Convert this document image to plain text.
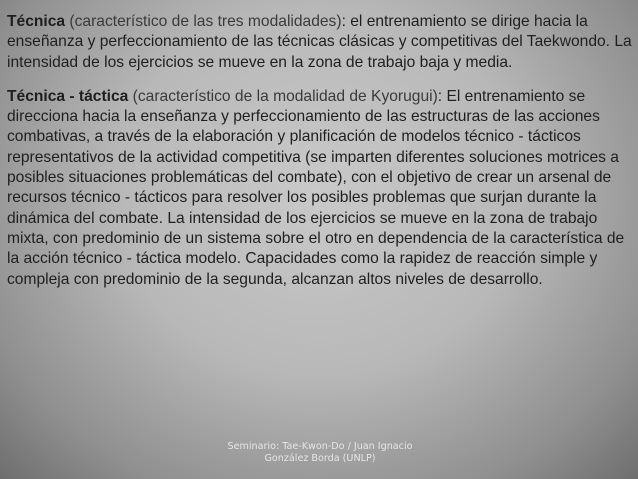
Técnica (característico de las tres modalidades): el entrenamiento se dirige hacia la enseñanza y perfeccionamiento de las técnicas clásicas y competitivas del Taekwondo. La intensidad de los ejercicios se mueve en la zona de trabajo baja y media.

Técnica - táctica (característico de la modalidad de Kyorugui): El entrenamiento se direcciona hacia la enseñanza y perfeccionamiento de las estructuras de las acciones combativas, a través de la elaboración y planificación de modelos técnico - tácticos representativos de la actividad competitiva (se imparten diferentes soluciones motrices a posibles situaciones problemáticas del combate), con el objetivo de crear un arsenal de recursos técnico - tácticos para resolver los posibles problemas que surjan durante la dinámica del combate. La intensidad de los ejercicios se mueve en la zona de trabajo mixta, con predominio de un sistema sobre el otro en dependencia de la característica de la acción técnico - táctica modelo. Capacidades como la rapidez de reacción simple y compleja con predominio de la segunda, alcanzan altos niveles de desarrollo.

Seminario: Tae-Kwon-Do / Juan Ignacio
González Borda (UNLP)
